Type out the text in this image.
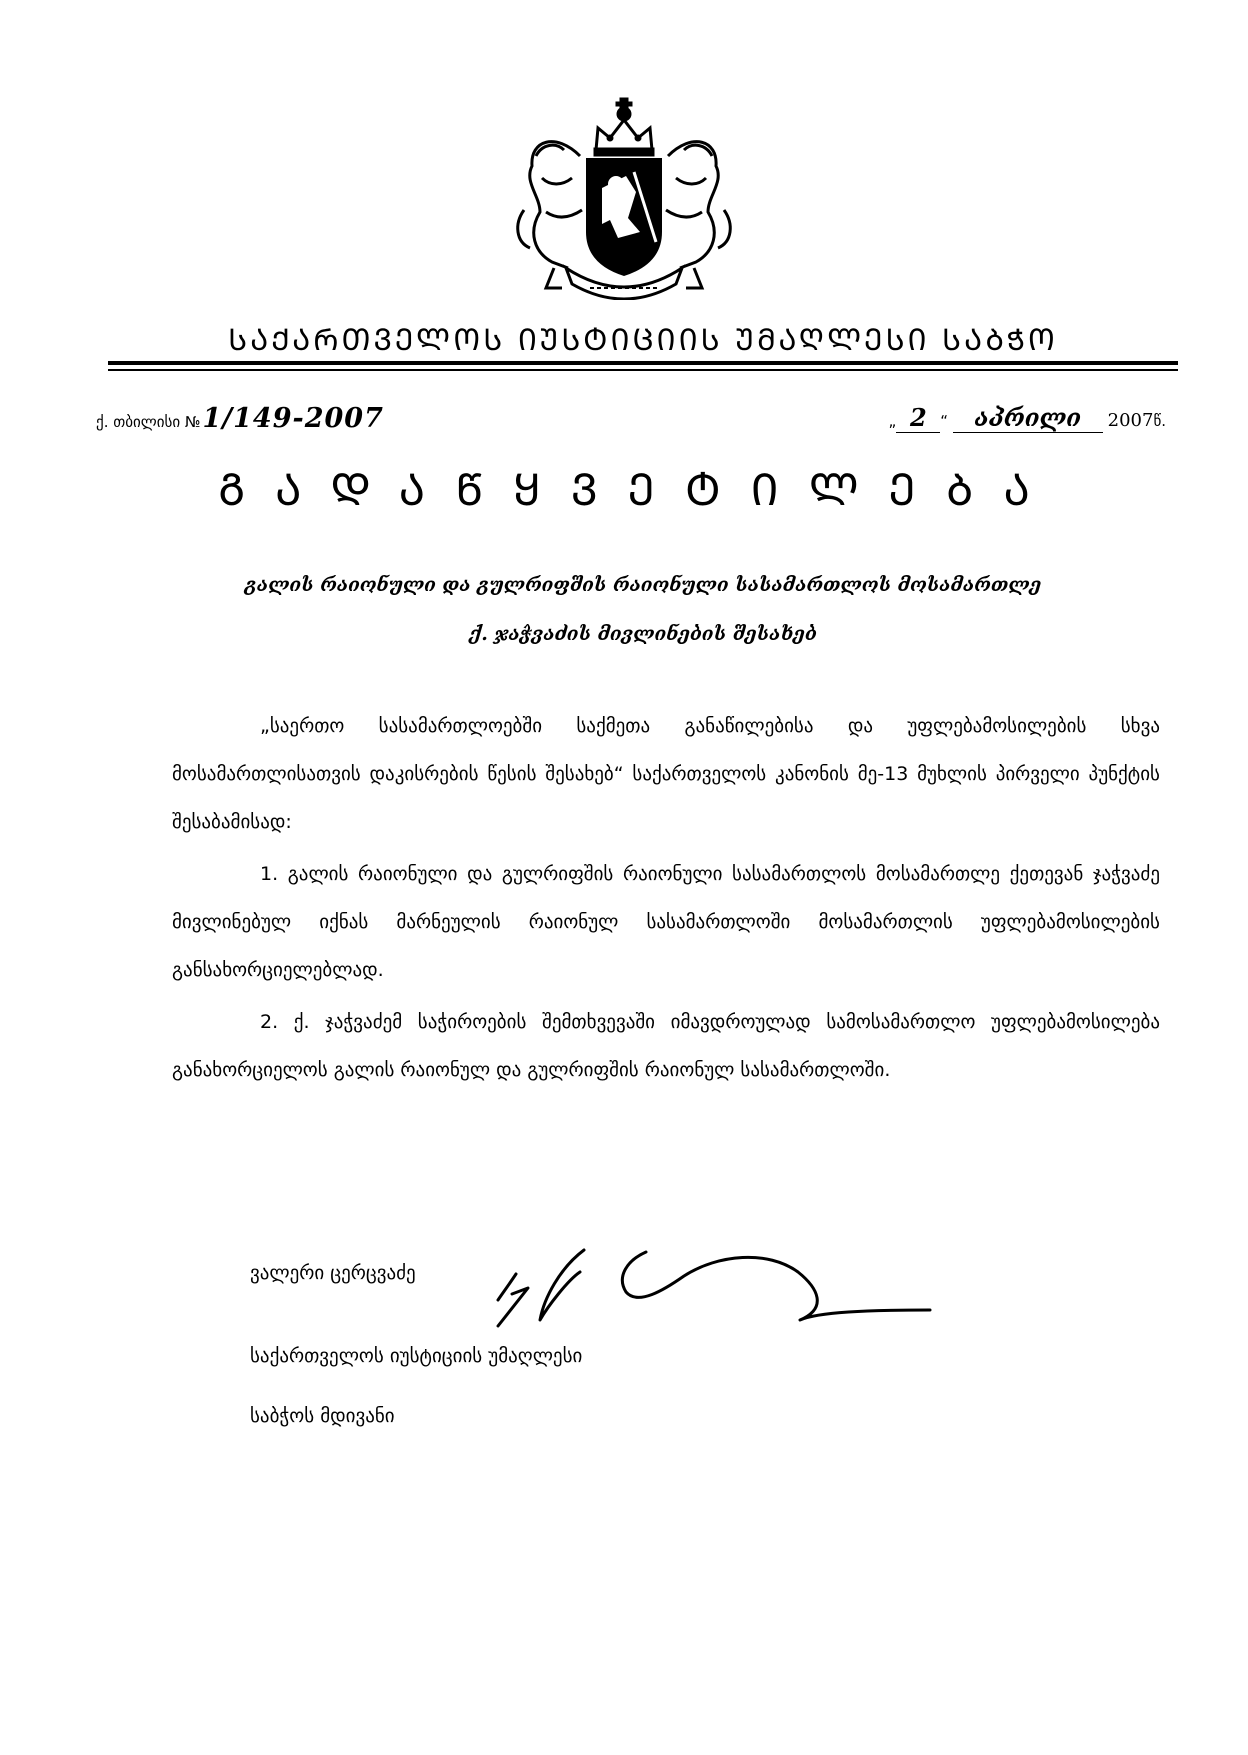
ᲡᲐᲥᲐᲠᲗᲕᲔᲚᲝᲡ ᲘᲣᲡᲢᲘᲪᲘᲘᲡ ᲣᲛᲐᲦᲚᲔᲡᲘ ᲡᲐᲑᲭᲝ
ქ. თბილისი №1/149-2007	„ 2 “ აპრილი 2007წ.
ᲒᲐᲓᲐᲬᲧᲕᲔᲢᲘᲚᲔᲑᲐ
გალის რაიონული და გულრიფშის რაიონული სასამართლოს მოსამართლე
ქ. ჯაჭვაძის მივლინების შესახებ
„საერთო სასამართლოებში საქმეთა განაწილებისა და უფლებამოსილების სხვა მოსამართლისათვის დაკისრების წესის შესახებ“ საქართველოს კანონის მე-13 მუხლის პირველი პუნქტის შესაბამისად:
1. გალის რაიონული და გულრიფშის რაიონული სასამართლოს მოსამართლე ქეთევან ჯაჭვაძე მივლინებულ იქნას მარნეულის რაიონულ სასამართლოში მოსამართლის უფლებამოსილების განსახორციელებლად.
2. ქ. ჯაჭვაძემ საჭიროების შემთხვევაში იმავდროულად სამოსამართლო უფლებამოსილება განახორციელოს გალის რაიონულ და გულრიფშის რაიონულ სასამართლოში.
ვალერი ცერცვაძე
საქართველოს იუსტიციის უმაღლესი
საბჭოს მდივანი
